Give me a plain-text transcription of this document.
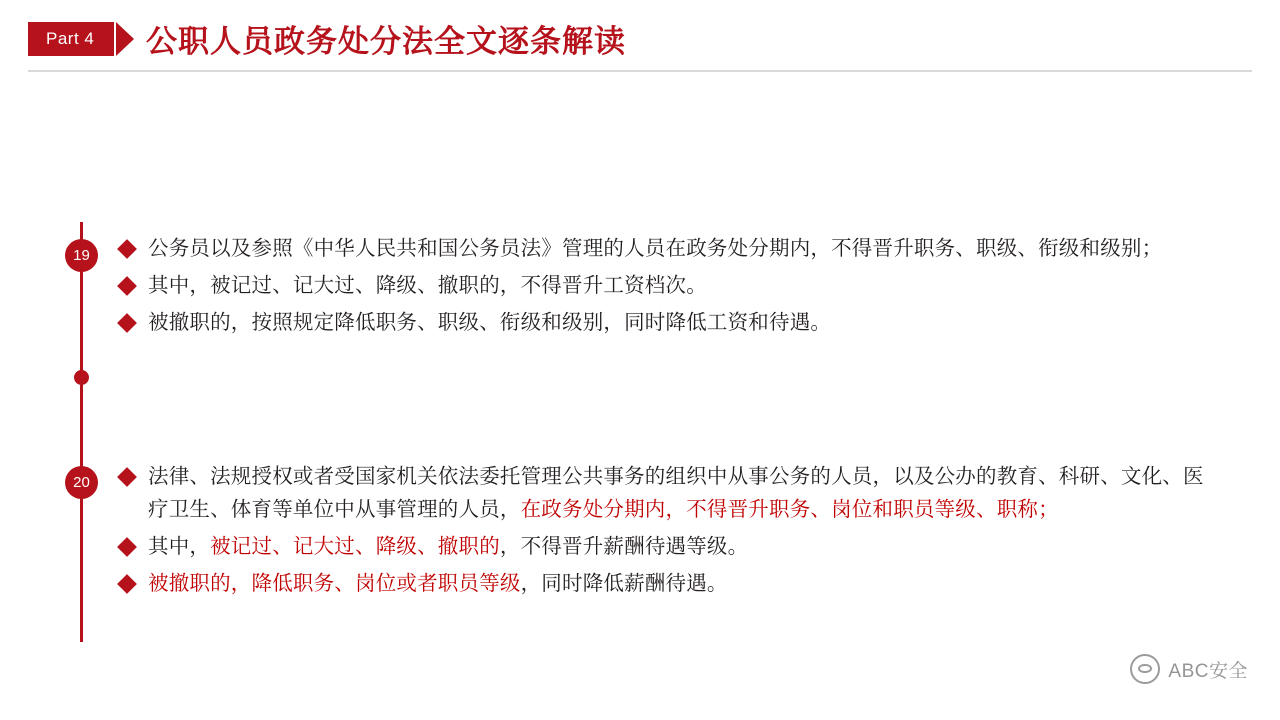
Part 4 公职人员政务处分法全文逐条解读
19
20
公务员以及参照《中华人民共和国公务员法》管理的人员在政务处分期内，不得晋升职务、职级、衔级和级别；
其中，被记过、记大过、降级、撤职的，不得晋升工资档次。
被撤职的，按照规定降低职务、职级、衔级和级别，同时降低工资和待遇。
法律、法规授权或者受国家机关依法委托管理公共事务的组织中从事公务的人员，以及公办的教育、科研、文化、医疗卫生、体育等单位中从事管理的人员，在政务处分期内，不得晋升职务、岗位和职员等级、职称；
其中，被记过、记大过、降级、撤职的，不得晋升薪酬待遇等级。
被撤职的，降低职务、岗位或者职员等级，同时降低薪酬待遇。
ABC安全
